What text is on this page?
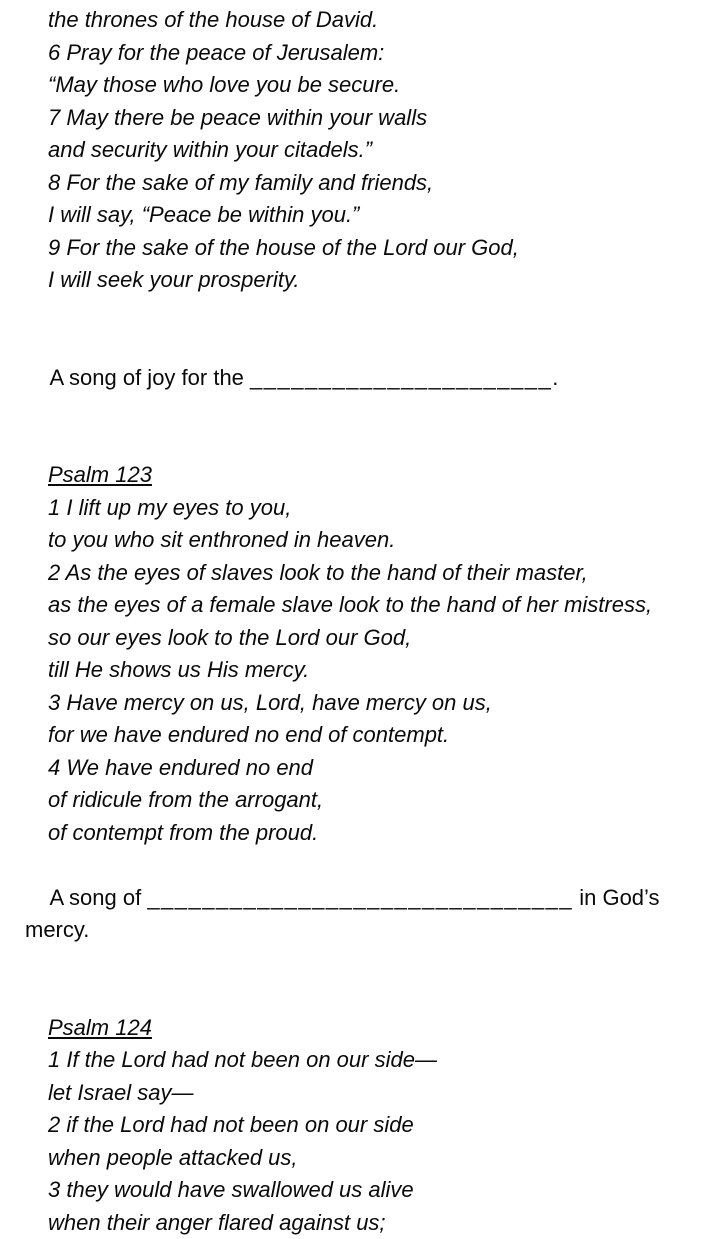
the thrones of the house of David.

6 Pray for the peace of Jerusalem:

“May those who love you be secure.

7 May there be peace within your walls

and security within your citadels.”

8 For the sake of my family and friends,

I will say, “Peace be within you.”

9 For the sake of the house of the Lord our God,

I will seek your prosperity.

A song of joy for the ______________________.

Psalm 123

1 I lift up my eyes to you,

to you who sit enthroned in heaven.

2 As the eyes of slaves look to the hand of their master,

as the eyes of a female slave look to the hand of her mistress,

so our eyes look to the Lord our God,

till He shows us His mercy.

3 Have mercy on us, Lord, have mercy on us,

for we have endured no end of contempt.

4 We have endured no end

of ridicule from the arrogant,

of contempt from the proud.

A song of _______________________________ in God’s mercy.

Psalm 124

1 If the Lord had not been on our side—

let Israel say—

2 if the Lord had not been on our side

when people attacked us,

3 they would have swallowed us alive

when their anger flared against us;
